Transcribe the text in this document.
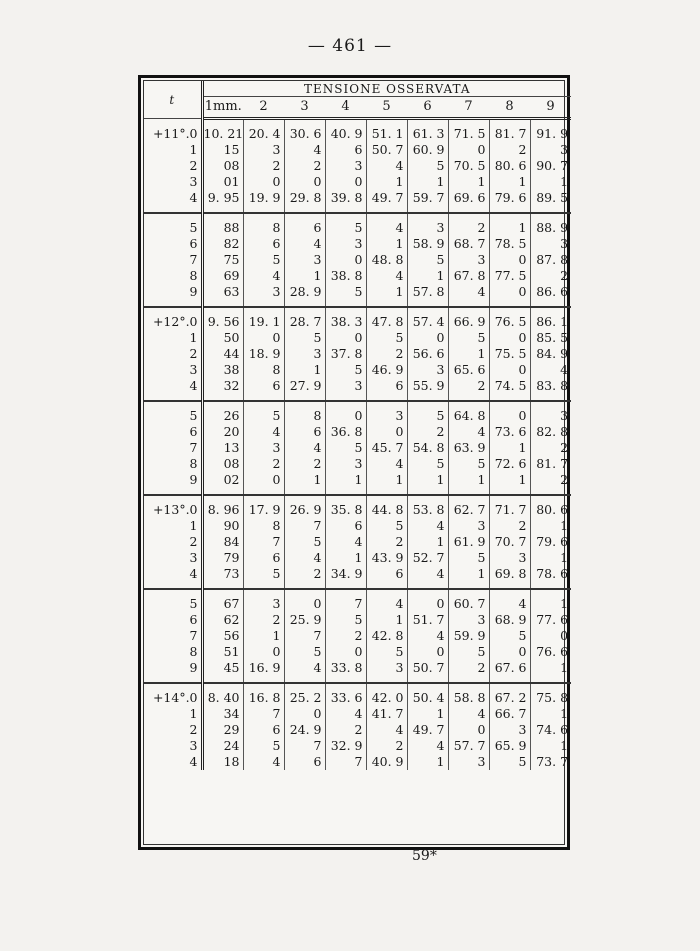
— 461 —
t	TENSIONE OSSERVATA								
	1mm.	2	3	4	5	6	7	8	9
+11°.0	10. 21	20. 4	30. 6	40. 9	51. 1	61. 3	71. 5	81. 7	91. 9
1	15	3	4	6	50. 7	60. 9	0	2	3
2	08	2	2	3	4	5	70. 5	80. 6	90. 7
3	01	0	0	0	1	1	1	1	1
4	9. 95	19. 9	29. 8	39. 8	49. 7	59. 7	69. 6	79. 6	89. 5
5	88	8	6	5	4	3	2	1	88. 9
6	82	6	4	3	1	58. 9	68. 7	78. 5	3
7	75	5	3	0	48. 8	5	3	0	87. 8
8	69	4	1	38. 8	4	1	67. 8	77. 5	2
9	63	3	28. 9	5	1	57. 8	4	0	86. 6
+12°.0	9. 56	19. 1	28. 7	38. 3	47. 8	57. 4	66. 9	76. 5	86. 1
1	50	0	5	0	5	0	5	0	85. 5
2	44	18. 9	3	37. 8	2	56. 6	1	75. 5	84. 9
3	38	8	1	5	46. 9	3	65. 6	0	4
4	32	6	27. 9	3	6	55. 9	2	74. 5	83. 8
5	26	5	8	0	3	5	64. 8	0	3
6	20	4	6	36. 8	0	2	4	73. 6	82. 8
7	13	3	4	5	45. 7	54. 8	63. 9	1	2
8	08	2	2	3	4	5	5	72. 6	81. 7
9	02	0	1	1	1	1	1	1	2
+13°.0	8. 96	17. 9	26. 9	35. 8	44. 8	53. 8	62. 7	71. 7	80. 6
1	90	8	7	6	5	4	3	2	1
2	84	7	5	4	2	1	61. 9	70. 7	79. 6
3	79	6	4	1	43. 9	52. 7	5	3	1
4	73	5	2	34. 9	6	4	1	69. 8	78. 6
5	67	3	0	7	4	0	60. 7	4	1
6	62	2	25. 9	5	1	51. 7	3	68. 9	77. 6
7	56	1	7	2	42. 8	4	59. 9	5	0
8	51	0	5	0	5	0	5	0	76. 6
9	45	16. 9	4	33. 8	3	50. 7	2	67. 6	1
+14°.0	8. 40	16. 8	25. 2	33. 6	42. 0	50. 4	58. 8	67. 2	75. 8
1	34	7	0	4	41. 7	1	4	66. 7	1
2	29	6	24. 9	2	4	49. 7	0	3	74. 6
3	24	5	7	32. 9	2	4	57. 7	65. 9	1
4	18	4	6	7	40. 9	1	3	5	73. 7
59*
